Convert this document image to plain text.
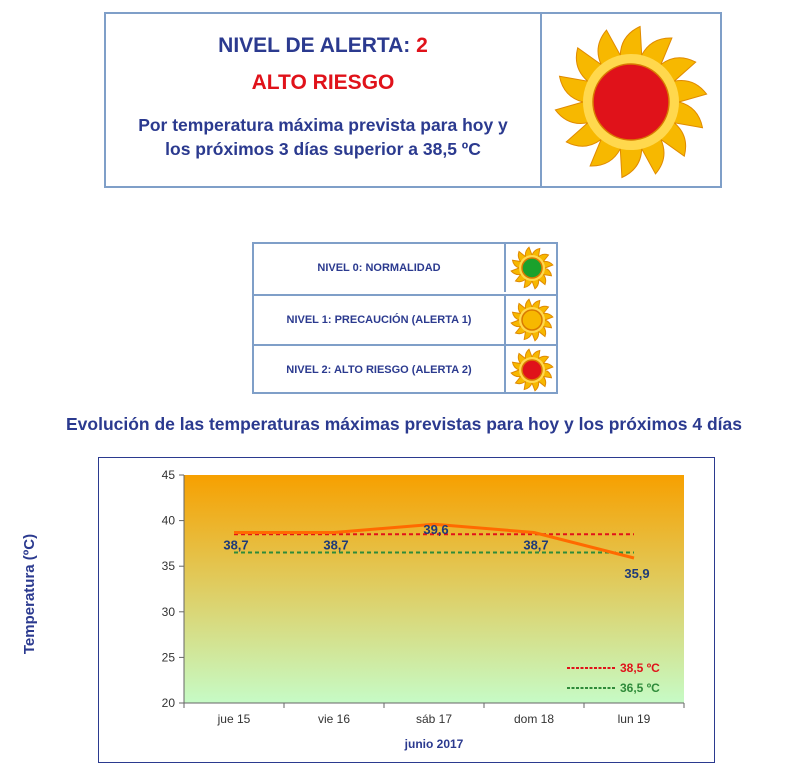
NIVEL DE ALERTA: 2
ALTO RIESGO
Por temperatura máxima prevista para hoy y
los próximos 3 días superior a 38,5 ºC
NIVEL 0: NORMALIDAD
NIVEL 1: PRECAUCIÓN (ALERTA 1)
NIVEL 2: ALTO RIESGO (ALERTA 2)
Evolución de las temperaturas máximas previstas para hoy y los próximos 4 días
20
25
30
35
40
45
jue 15	vie 16	sáb 17	dom 18	lun 19
38,7	38,7
39,6
38,7
35,9
38,5 ºC
36,5 ºC
Temperatura (ºC)
junio 2017
